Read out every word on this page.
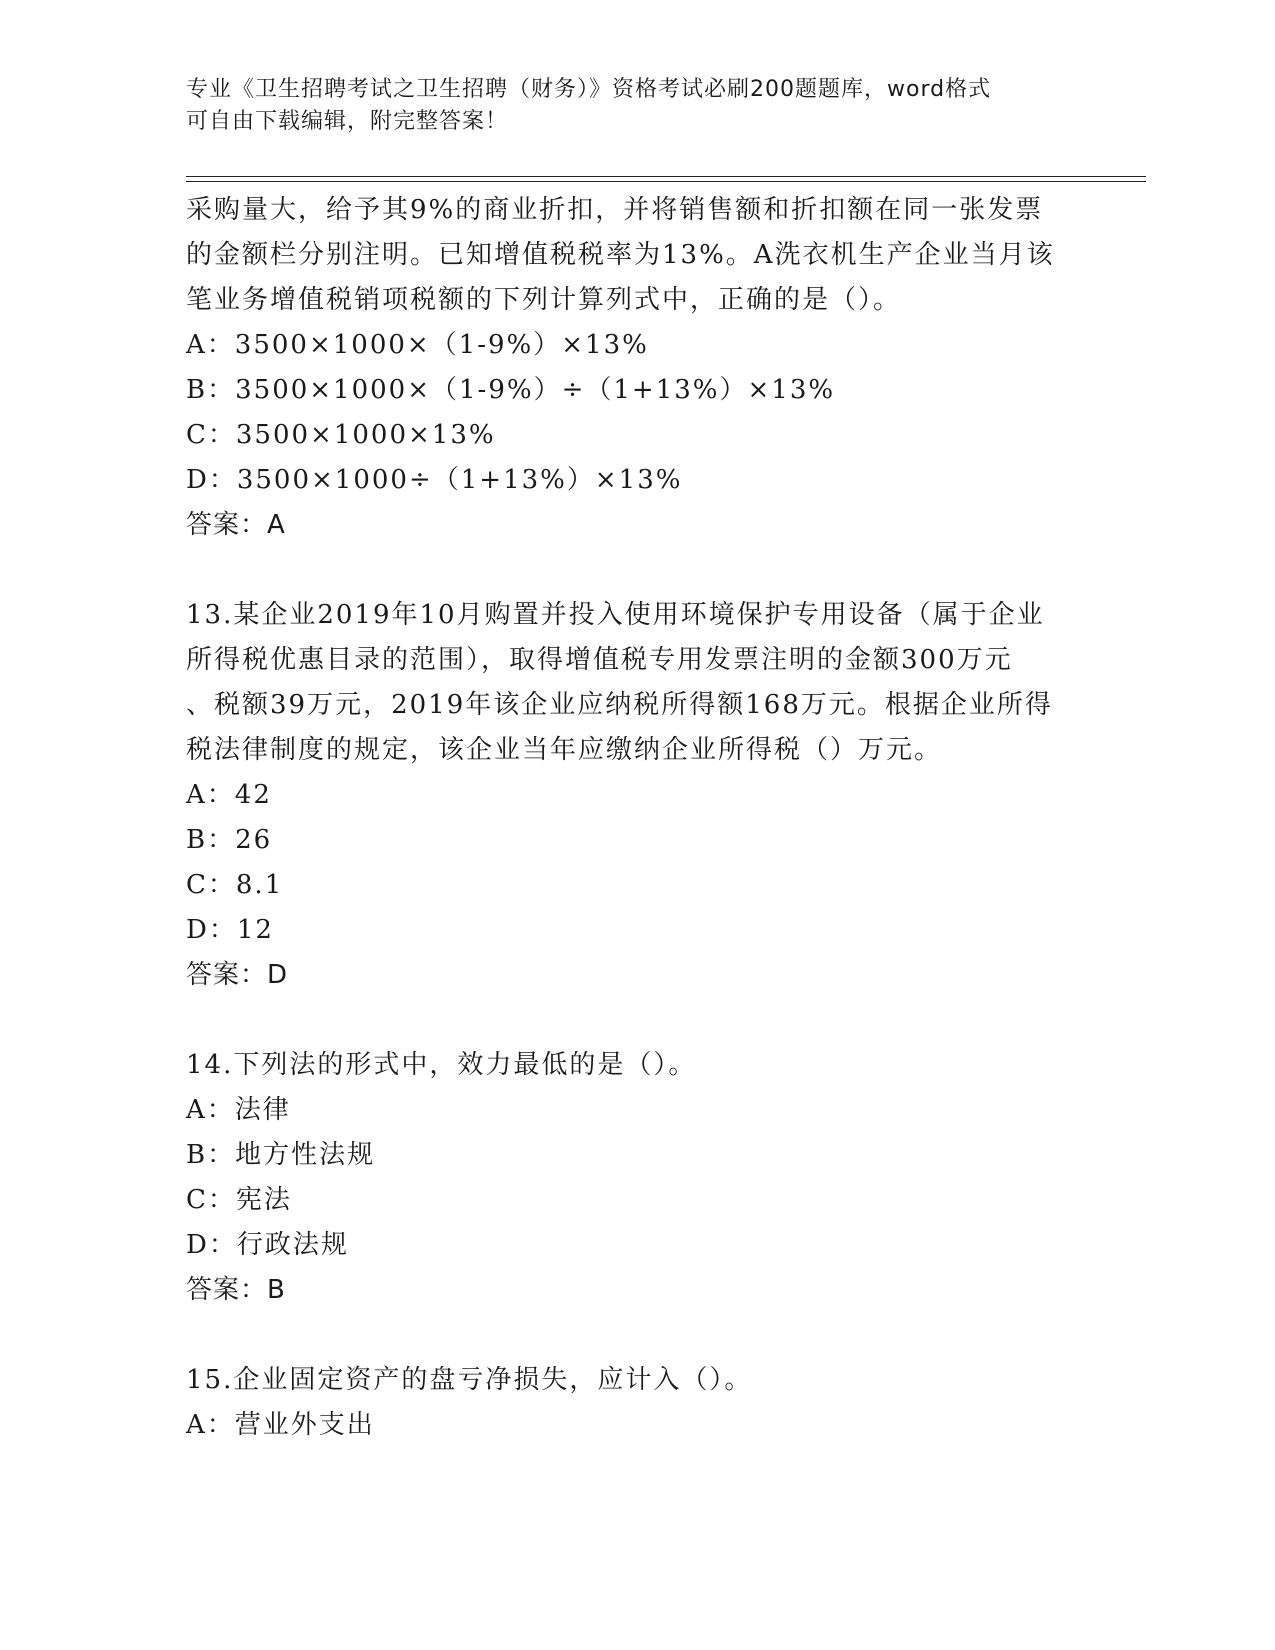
专业《卫生招聘考试之卫生招聘（财务）》资格考试必刷200题题库，word格式
可自由下载编辑，附完整答案！
采购量大，给予其9%的商业折扣，并将销售额和折扣额在同一张发票
的金额栏分别注明。已知增值税税率为13%。A洗衣机生产企业当月该
笔业务增值税销项税额的下列计算列式中，正确的是（）。
A：3500×1000×（1-9%）×13%
B：3500×1000×（1-9%）÷（1+13%）×13%
C：3500×1000×13%
D：3500×1000÷（1+13%）×13%
答案：A
13.某企业2019年10月购置并投入使用环境保护专用设备（属于企业
所得税优惠目录的范围），取得增值税专用发票注明的金额300万元
、税额39万元，2019年该企业应纳税所得额168万元。根据企业所得
税法律制度的规定，该企业当年应缴纳企业所得税（）万元。
A：42
B：26
C：8.1
D：12
答案：D
14.下列法的形式中，效力最低的是（）。
A：法律
B：地方性法规
C：宪法
D：行政法规
答案：B
15.企业固定资产的盘亏净损失，应计入（）。
A：营业外支出
